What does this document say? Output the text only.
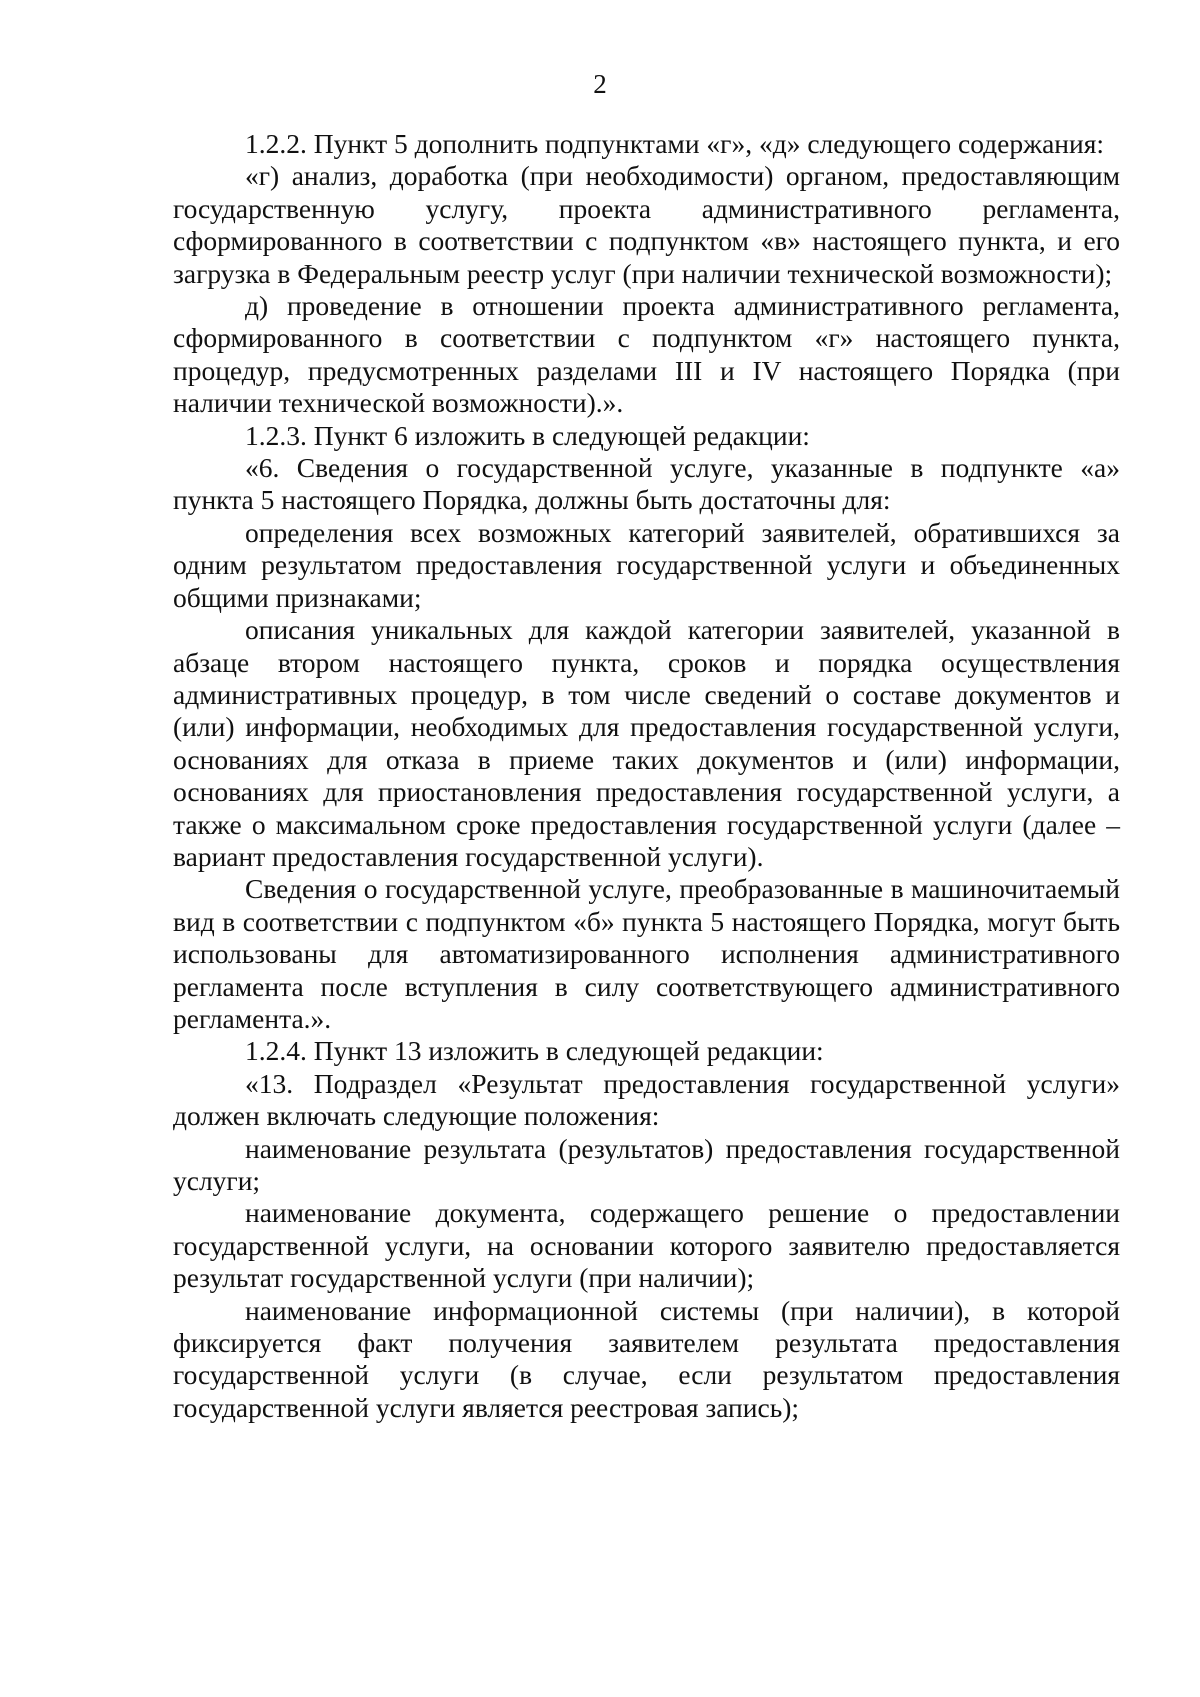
2

1.2.2. Пункт 5 дополнить подпунктами «г», «д» следующего содержания:

«г) анализ, доработка (при необходимости) органом, предоставляющим государственную услугу, проекта административного регламента, сформированного в соответствии с подпунктом «в» настоящего пункта, и его загрузка в Федеральным реестр услуг (при наличии технической возможности);

д) проведение в отношении проекта административного регламента, сформированного в соответствии с подпунктом «г» настоящего пункта, процедур, предусмотренных разделами III и IV настоящего Порядка (при наличии технической возможности).».

1.2.3. Пункт 6 изложить в следующей редакции:

«6. Сведения о государственной услуге, указанные в подпункте «а» пункта 5 настоящего Порядка, должны быть достаточны для:

определения всех возможных категорий заявителей, обратившихся за одним результатом предоставления государственной услуги и объединенных общими признаками;

описания уникальных для каждой категории заявителей, указанной в абзаце втором настоящего пункта, сроков и порядка осуществления административных процедур, в том числе сведений о составе документов и (или) информации, необходимых для предоставления государственной услуги, основаниях для отказа в приеме таких документов и (или) информации, основаниях для приостановления предоставления государственной услуги, а также о максимальном сроке предоставления государственной услуги (далее – вариант предоставления государственной услуги).

Сведения о государственной услуге, преобразованные в машиночитаемый вид в соответствии с подпунктом «б» пункта 5 настоящего Порядка, могут быть использованы для автоматизированного исполнения административного регламента после вступления в силу соответствующего административного регламента.».

1.2.4. Пункт 13 изложить в следующей редакции:

«13. Подраздел «Результат предоставления государственной услуги» должен включать следующие положения:

наименование результата (результатов) предоставления государственной услуги;

наименование документа, содержащего решение о предоставлении государственной услуги, на основании которого заявителю предоставляется результат государственной услуги (при наличии);

наименование информационной системы (при наличии), в которой фиксируется факт получения заявителем результата предоставления государственной услуги (в случае, если результатом предоставления государственной услуги является реестровая запись);
